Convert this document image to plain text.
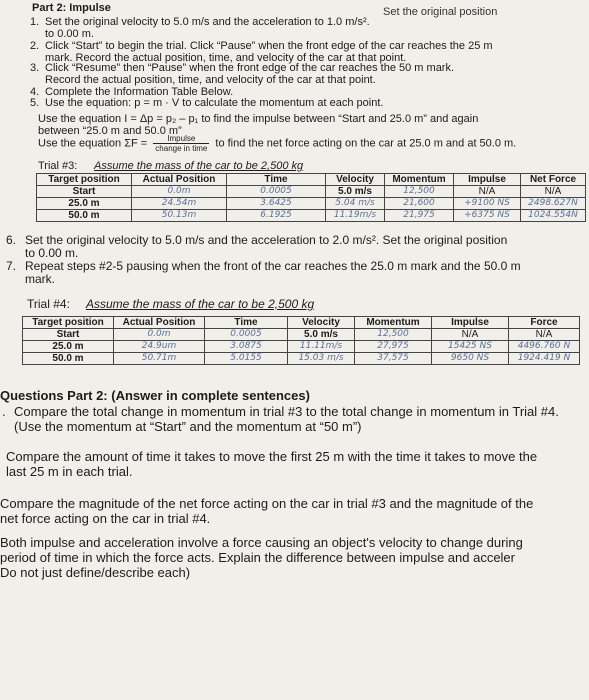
Part 2: Impulse	Set the original position
1. Set the original velocity to 5.0 m/s and the acceleration to 1.0 m/s².
to 0.00 m.
2. Click “Start” to begin the trial. Click “Pause” when the front edge of the car reaches the 25 m
mark. Record the actual position, time, and velocity of the car at that point.
3. Click “Resume” then “Pause” when the front edge of the car reaches the 50 m mark.
Record the actual position, time, and velocity of the car at that point.
4. Complete the Information Table Below.
5. Use the equation: p = m · V to calculate the momentum at each point.
Use the equation I = Δp = p₂ – p₁ to find the impulse between “Start and 25.0 m” and again
between “25.0 m and 50.0 m”
Use the equation $\Sigma F = \frac{\text{Impulse}}{\text{change in time}}$ to find the net force acting on the car at 25.0 m and at 50.0 m.
Trial #3: Assume the mass of the car to be 2,500 kg
Target position	Actual Position	Time	Velocity	Momentum	Impulse	Net Force
Start	0.0m	0.0005	5.0 m/s	12,500	N/A	N/A
25.0 m	24.54m	3.6425	5.04 m/s	21,600	+9100 NS	2498.627N
50.0 m	50.13m	6.1925	11.19m/s	21,975	+6375 NS	1024.554N
6. Set the original velocity to 5.0 m/s and the acceleration to 2.0 m/s². Set the original position
to 0.00 m.
7. Repeat steps #2-5 pausing when the front of the car reaches the 25.0 m mark and the 50.0 m
mark.
Trial #4: Assume the mass of the car to be 2,500 kg
Target position	Actual Position	Time	Velocity	Momentum	Impulse	Force
Start	0.0m	0.0005	5.0 m/s	12,500	N/A	N/A
25.0 m	24.9um	3.0875	11.11m/s	27,975	15425 NS	4496.760 N
50.0 m	50.71m	5.0155	15.03 m/s	37,575	9650 NS	1924.419 N
Questions Part 2: (Answer in complete sentences)
. Compare the total change in momentum in trial #3 to the total change in momentum in Trial #4.
(Use the momentum at “Start” and the momentum at “50 m”)
Compare the amount of time it takes to move the first 25 m with the time it takes to move the
last 25 m in each trial.
Compare the magnitude of the net force acting on the car in trial #3 and the magnitude of the
net force acting on the car in trial #4.
Both impulse and acceleration involve a force causing an object's velocity to change during
period of time in which the force acts. Explain the difference between impulse and acceler
Do not just define/describe each)
